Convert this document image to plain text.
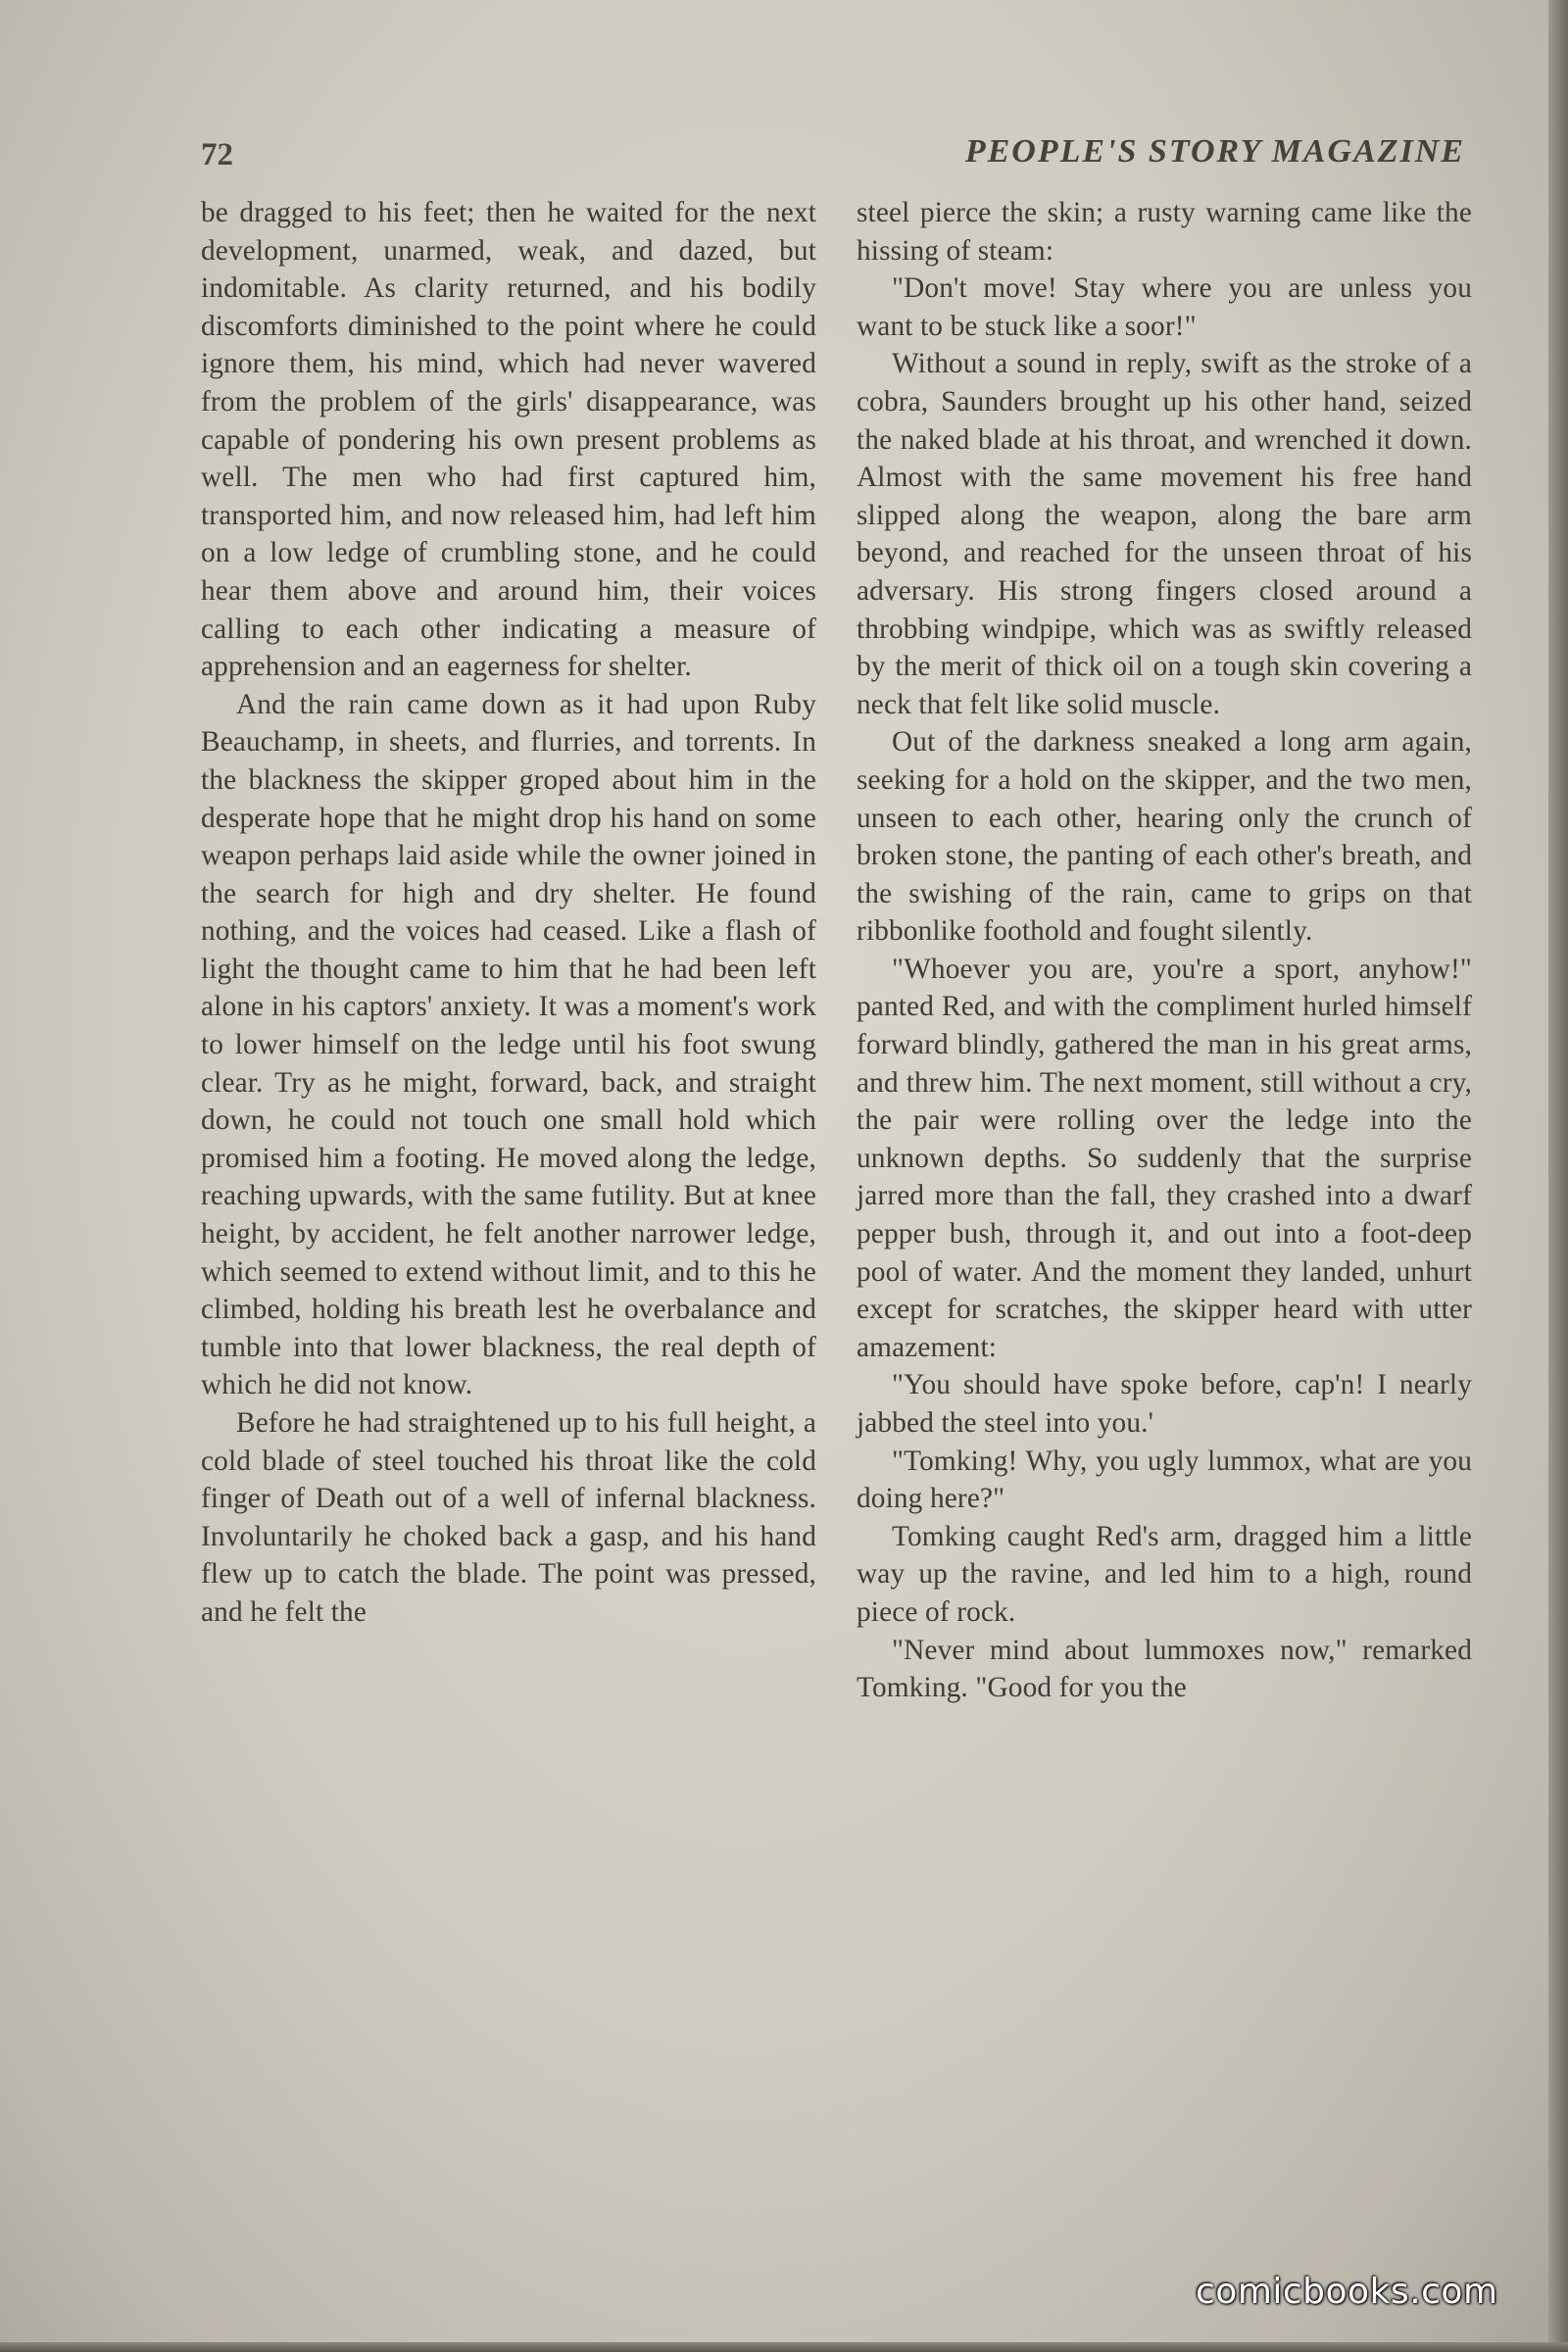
72	PEOPLE'S STORY MAGAZINE

be dragged to his feet; then he waited for the next development, unarmed, weak, and dazed, but indomitable. As clarity returned, and his bodily discomforts diminished to the point where he could ignore them, his mind, which had never wavered from the problem of the girls' disappearance, was capable of pondering his own present problems as well. The men who had first captured him, transported him, and now released him, had left him on a low ledge of crumbling stone, and he could hear them above and around him, their voices calling to each other indicating a measure of apprehension and an eagerness for shelter.

And the rain came down as it had upon Ruby Beauchamp, in sheets, and flurries, and torrents. In the blackness the skipper groped about him in the desperate hope that he might drop his hand on some weapon perhaps laid aside while the owner joined in the search for high and dry shelter. He found nothing, and the voices had ceased. Like a flash of light the thought came to him that he had been left alone in his captors' anxiety. It was a moment's work to lower himself on the ledge until his foot swung clear. Try as he might, forward, back, and straight down, he could not touch one small hold which promised him a footing. He moved along the ledge, reaching upwards, with the same futility. But at knee height, by accident, he felt another narrower ledge, which seemed to extend without limit, and to this he climbed, holding his breath lest he overbalance and tumble into that lower blackness, the real depth of which he did not know.

Before he had straightened up to his full height, a cold blade of steel touched his throat like the cold finger of Death out of a well of infernal blackness. Involuntarily he choked back a gasp, and his hand flew up to catch the blade. The point was pressed, and he felt the

steel pierce the skin; a rusty warning came like the hissing of steam:

"Don't move! Stay where you are unless you want to be stuck like a soor!"

Without a sound in reply, swift as the stroke of a cobra, Saunders brought up his other hand, seized the naked blade at his throat, and wrenched it down. Almost with the same movement his free hand slipped along the weapon, along the bare arm beyond, and reached for the unseen throat of his adversary. His strong fingers closed around a throbbing windpipe, which was as swiftly released by the merit of thick oil on a tough skin covering a neck that felt like solid muscle.

Out of the darkness sneaked a long arm again, seeking for a hold on the skipper, and the two men, unseen to each other, hearing only the crunch of broken stone, the panting of each other's breath, and the swishing of the rain, came to grips on that ribbonlike foothold and fought silently.

"Whoever you are, you're a sport, anyhow!" panted Red, and with the compliment hurled himself forward blindly, gathered the man in his great arms, and threw him. The next moment, still without a cry, the pair were rolling over the ledge into the unknown depths. So suddenly that the surprise jarred more than the fall, they crashed into a dwarf pepper bush, through it, and out into a foot-deep pool of water. And the moment they landed, unhurt except for scratches, the skipper heard with utter amazement:

"You should have spoke before, cap'n! I nearly jabbed the steel into you.'

"Tomking! Why, you ugly lummox, what are you doing here?"

Tomking caught Red's arm, dragged him a little way up the ravine, and led him to a high, round piece of rock.

"Never mind about lummoxes now," remarked Tomking. "Good for you the

comicbooks.com
